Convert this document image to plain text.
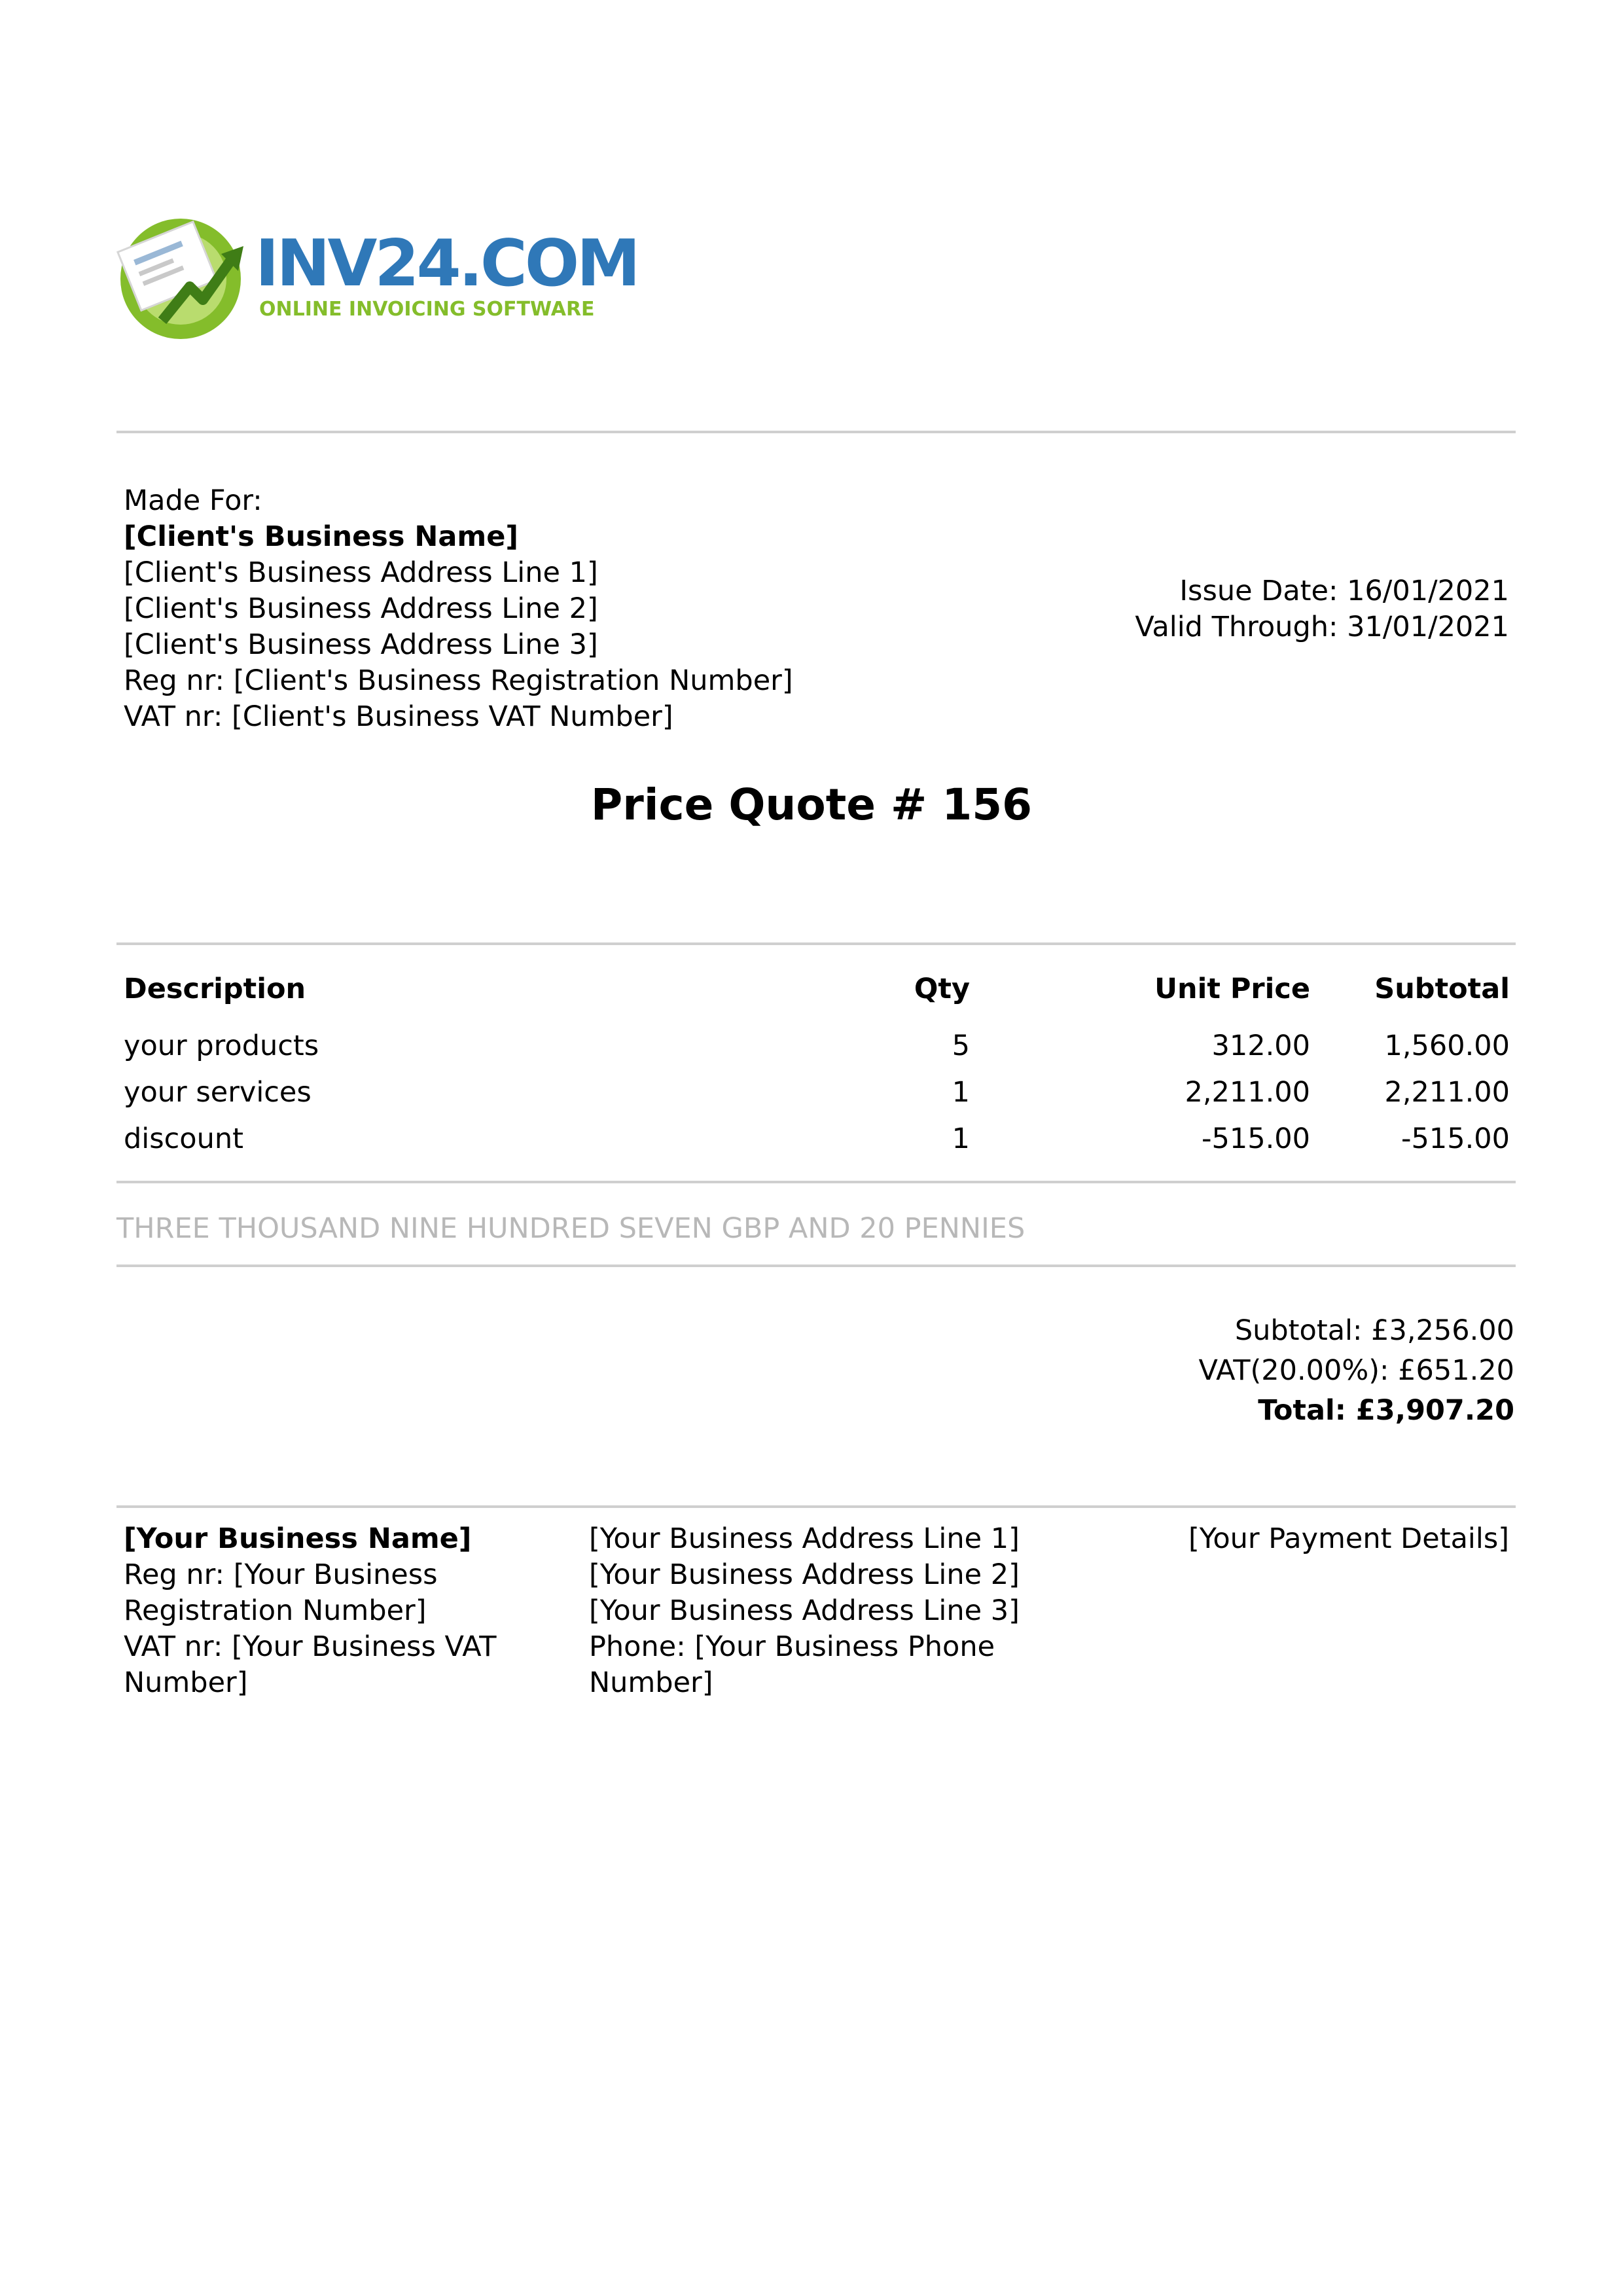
INV24.COM
ONLINE INVOICING SOFTWARE
Made For:
[Client's Business Name]
[Client's Business Address Line 1]
[Client's Business Address Line 2]
[Client's Business Address Line 3]
Reg nr: [Client's Business Registration Number]
VAT nr: [Client's Business VAT Number]
Issue Date: 16/01/2021
Valid Through: 31/01/2021
Price Quote # 156
Description	Qty	Unit Price	Subtotal
your products	5	312.00	1,560.00
your services	1	2,211.00	2,211.00
discount	1	-515.00	-515.00
THREE THOUSAND NINE HUNDRED SEVEN GBP AND 20 PENNIES
Subtotal: £3,256.00
VAT(20.00%): £651.20
Total: £3,907.20
[Your Business Name]
Reg nr: [Your Business Registration Number]
VAT nr: [Your Business VAT Number]
[Your Business Address Line 1]
[Your Business Address Line 2]
[Your Business Address Line 3]
Phone: [Your Business Phone Number]
[Your Payment Details]
